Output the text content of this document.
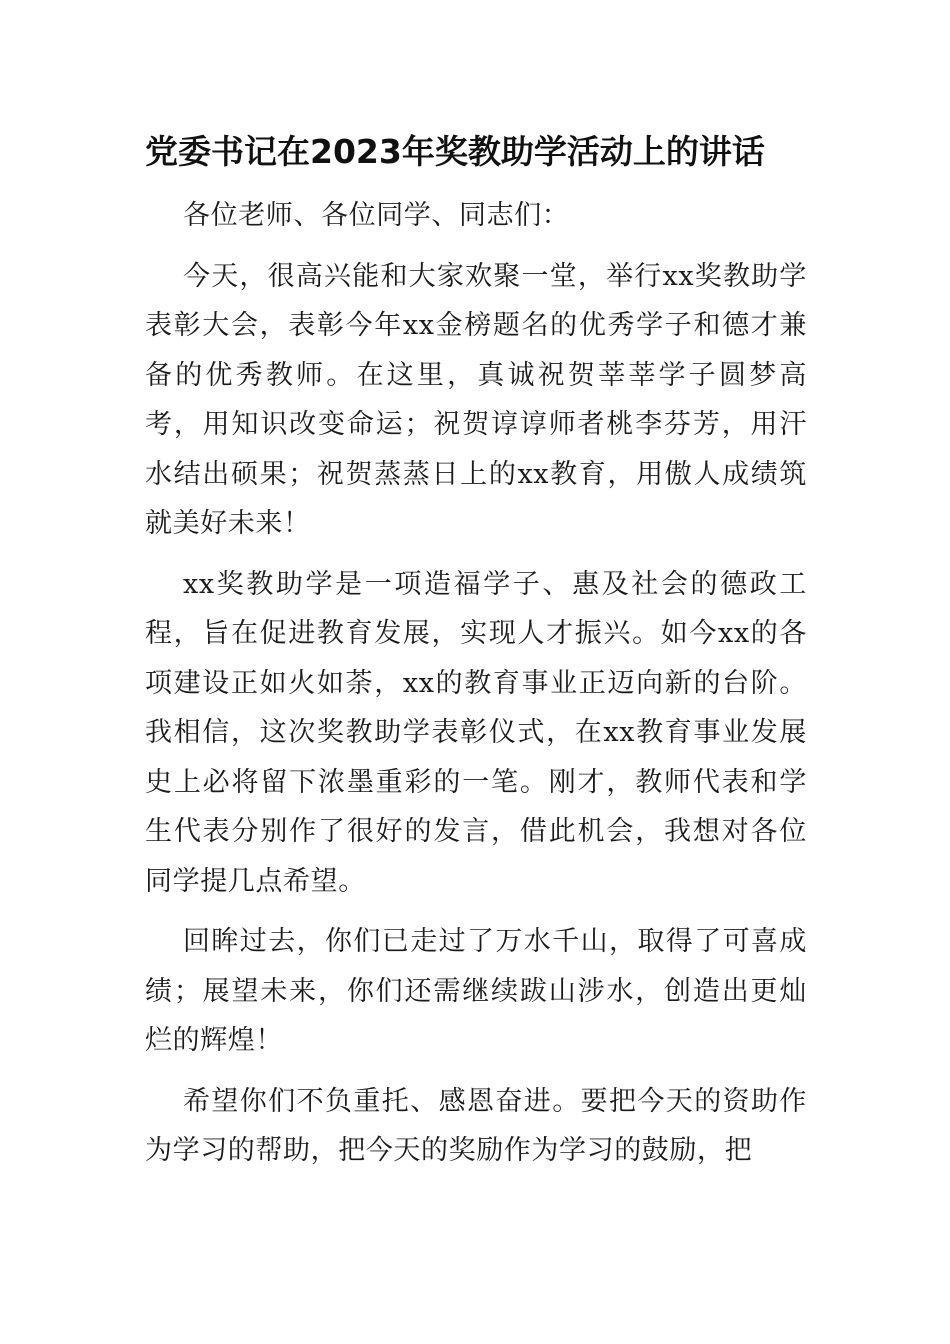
党委书记在2023年奖教助学活动上的讲话

各位老师、各位同学、同志们：

今天，很高兴能和大家欢聚一堂，举行xx奖教助学表彰大会，表彰今年xx金榜题名的优秀学子和德才兼备的优秀教师。在这里，真诚祝贺莘莘学子圆梦高考，用知识改变命运；祝贺谆谆师者桃李芬芳，用汗水结出硕果；祝贺蒸蒸日上的xx教育，用傲人成绩筑就美好未来！

xx奖教助学是一项造福学子、惠及社会的德政工程，旨在促进教育发展，实现人才振兴。如今xx的各项建设正如火如荼，xx的教育事业正迈向新的台阶。我相信，这次奖教助学表彰仪式，在xx教育事业发展史上必将留下浓墨重彩的一笔。刚才，教师代表和学生代表分别作了很好的发言，借此机会，我想对各位同学提几点希望。

回眸过去，你们已走过了万水千山，取得了可喜成绩；展望未来，你们还需继续跋山涉水，创造出更灿烂的辉煌！

希望你们不负重托、感恩奋进。要把今天的资助作为学习的帮助，把今天的奖励作为学习的鼓励，把
